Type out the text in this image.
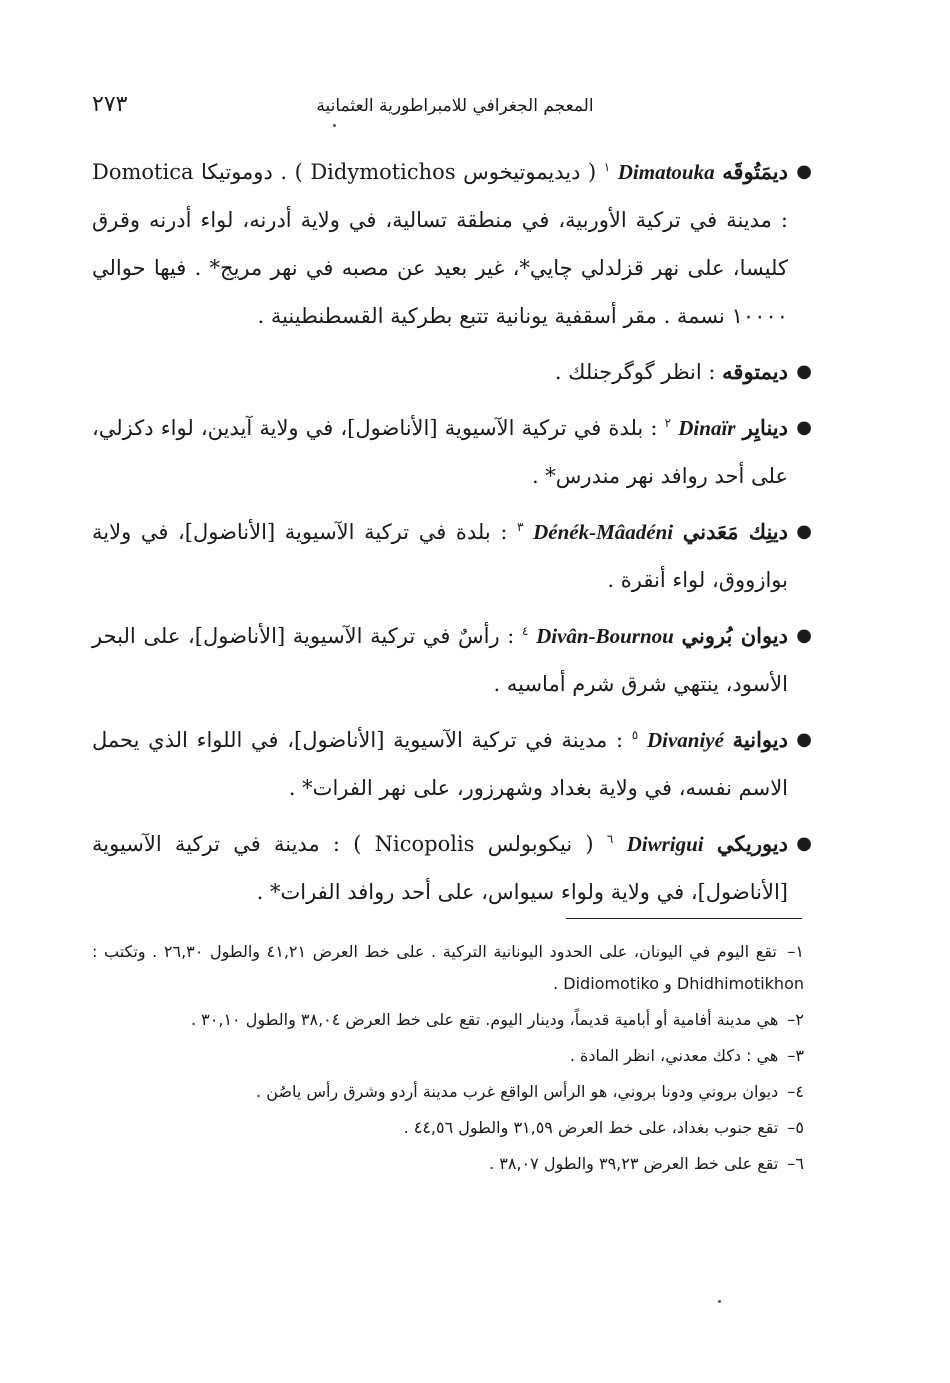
٢٧٣	المعجم الجغرافي للامبراطورية العثمانية
●
ديمَتُوقَه Dimatouka $^١$ ( ديديموتيخوس Didymotichos ) . دوموتيكا Domotica : مدينة في تركية الأوربية، في منطقة تسالية، في ولاية أدرنه، لواء أدرنه وقرق كليسا، على نهر قزلدلي چايي*، غير بعيد عن مصبه في نهر مريج* . فيها حوالي ١٠٠٠٠ نسمة . مقر أسقفية يونانية تتبع بطركية القسطنطينية .
●
ديمتوقه : انظر گوگرجنلك .
●
دينايِر Dinaïr $^٢$ : بلدة في تركية الآسيوية [الأناضول]، في ولاية آيدين، لواء دكزلي، على أحد روافد نهر مندرس* .
●
دينِك مَعَدني Dénék-Mâadéni $^٣$ : بلدة في تركية الآسيوية [الأناضول]، في ولاية بوازووق، لواء أنقرة .
●
ديوان بُروني Divân-Bournou $^٤$ : رأسٌ في تركية الآسيوية [الأناضول]، على البحر الأسود، ينتهي شرق شرم أماسيه .
●
ديوانية Divaniyé $^٥$ : مدينة في تركية الآسيوية [الأناضول]، في اللواء الذي يحمل الاسم نفسه، في ولاية بغداد وشهرزور، على نهر الفرات* .
●
ديوريكي Diwrigui $^٦$ ( نيكوبولس Nicopolis ) : مدينة في تركية الآسيوية [الأناضول]، في ولاية ولواء سيواس، على أحد روافد الفرات* .
١– تقع اليوم في اليونان، على الحدود اليونانية التركية . على خط العرض ٤١,٢١ والطول ٢٦,٣٠ . وتكتب : Dhidhimotikhon و Didiomotiko .
٢– هي مدينة أفامية أو أبامية قديماً، ودينار اليوم. تقع على خط العرض ٣٨,٠٤ والطول ٣٠,١٠ .
٣– هي : دكك معدني، انظر المادة .
٤– ديوان بروني ودونا بروني، هو الرأس الواقع غرب مدينة أردو وشرق رأس ياصُن .
٥– تقع جنوب بغداد، على خط العرض ٣١,٥٩ والطول ٤٤,٥٦ .
٦– تقع على خط العرض ٣٩,٢٣ والطول ٣٨,٠٧ .
